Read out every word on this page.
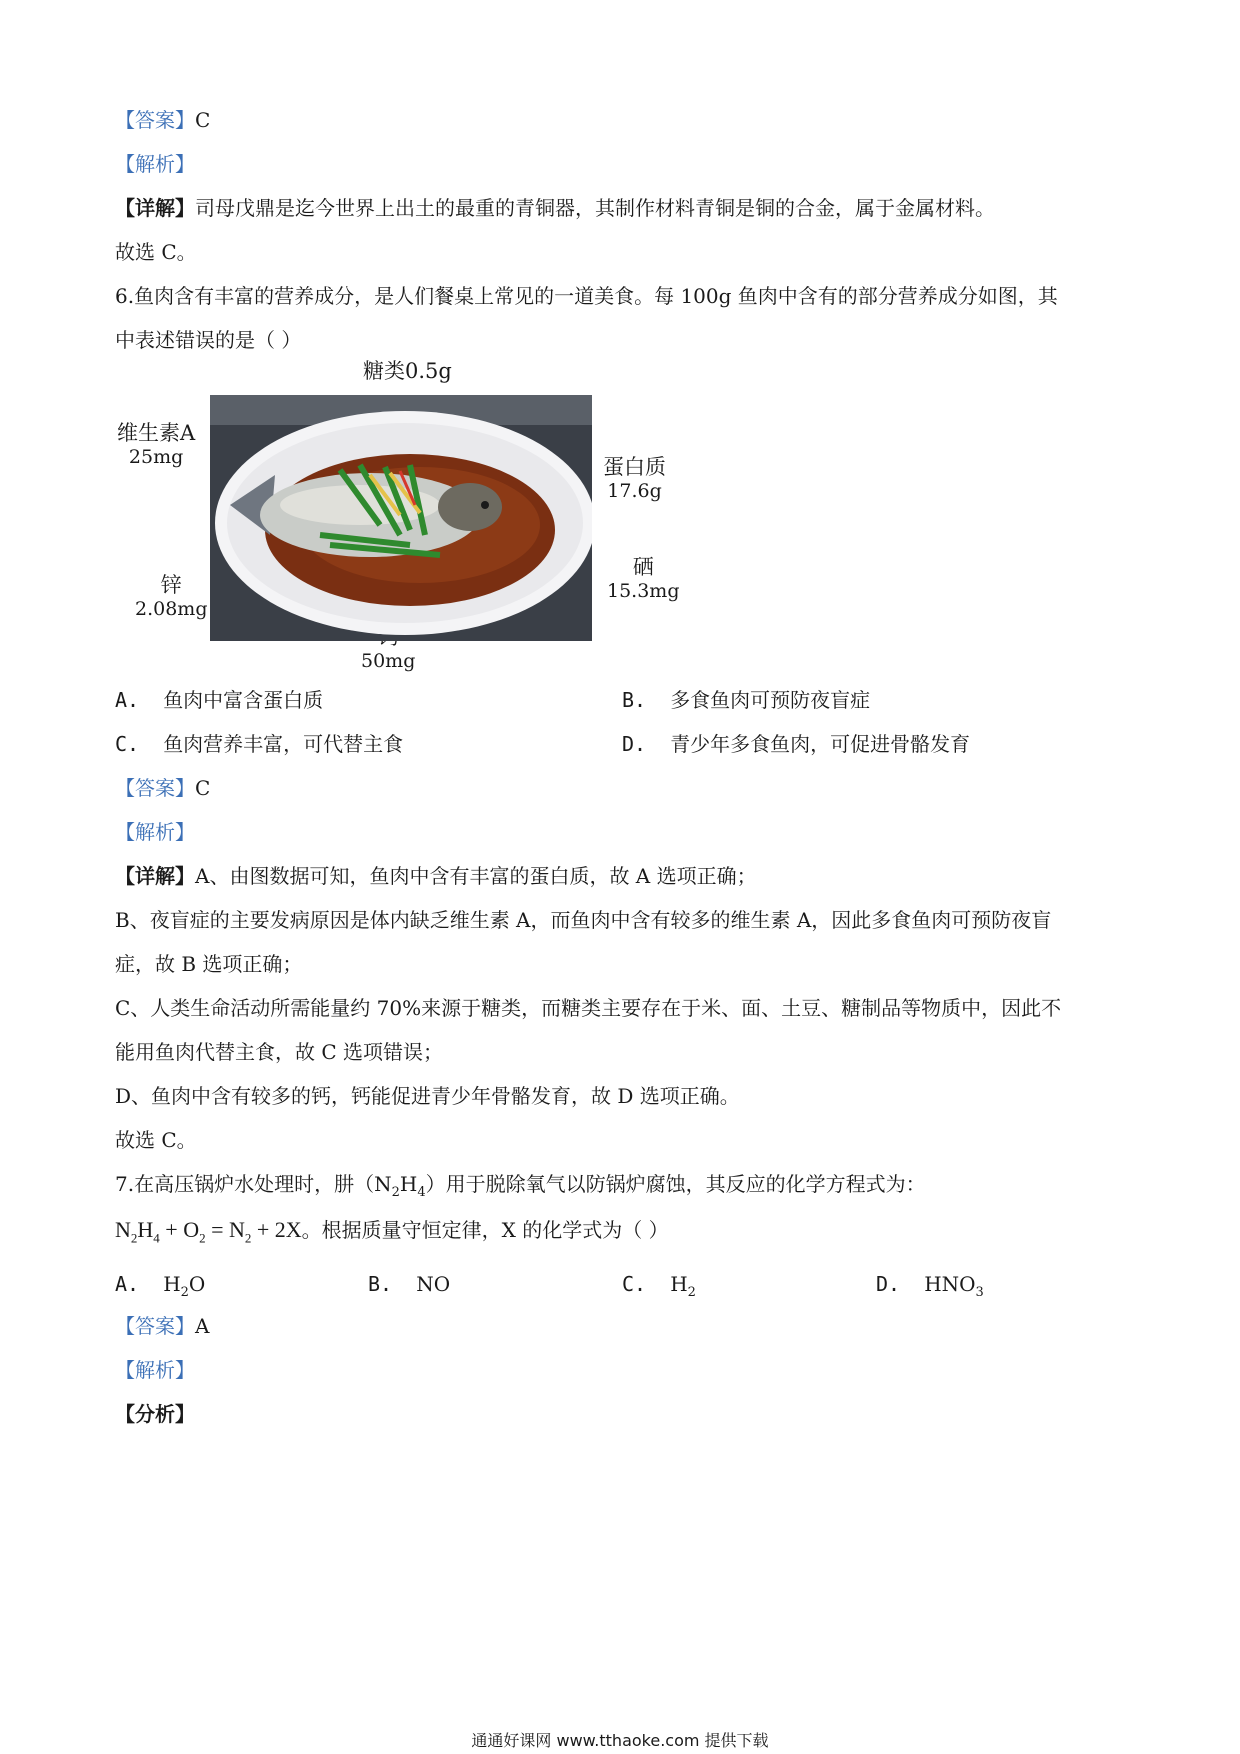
【答案】C
【解析】
【详解】司母戊鼎是迄今世界上出土的最重的青铜器，其制作材料青铜是铜的合金，属于金属材料。
故选 C。
6.鱼肉含有丰富的营养成分，是人们餐桌上常见的一道美食。每 100g 鱼肉中含有的部分营养成分如图，其
中表述错误的是（ ）
糖类0.5g
维生素A
25mg	蛋白质
17.6g
锌
2.08mg
硒
15.3mg
50mg
A. 鱼肉中富含蛋白质	B. 多食鱼肉可预防夜盲症
C. 鱼肉营养丰富，可代替主食	D. 青少年多食鱼肉，可促进骨骼发育
【答案】C
【解析】
【详解】A、由图数据可知，鱼肉中含有丰富的蛋白质，故 A 选项正确；
B、夜盲症的主要发病原因是体内缺乏维生素 A，而鱼肉中含有较多的维生素 A，因此多食鱼肉可预防夜盲
症，故 B 选项正确；
C、人类生命活动所需能量约 70%来源于糖类，而糖类主要存在于米、面、土豆、糖制品等物质中，因此不
能用鱼肉代替主食，故 C 选项错误；
D、鱼肉中含有较多的钙，钙能促进青少年骨骼发育，故 D 选项正确。
故选 C。
7.在高压锅炉水处理时，肼$(N_2H_4)$用于脱除氧气以防锅炉腐蚀，其反应的化学方程式为：
$N_2H_4 + O_2 = N_2 + 2X$。根据质量守恒定律，X 的化学式为（ ）
A. $H_2O$	B. NO	C. $H_2$	D. $HNO_3$
【答案】A
【解析】
【分析】
通通好课网 www.tthaoke.com 提供下载
